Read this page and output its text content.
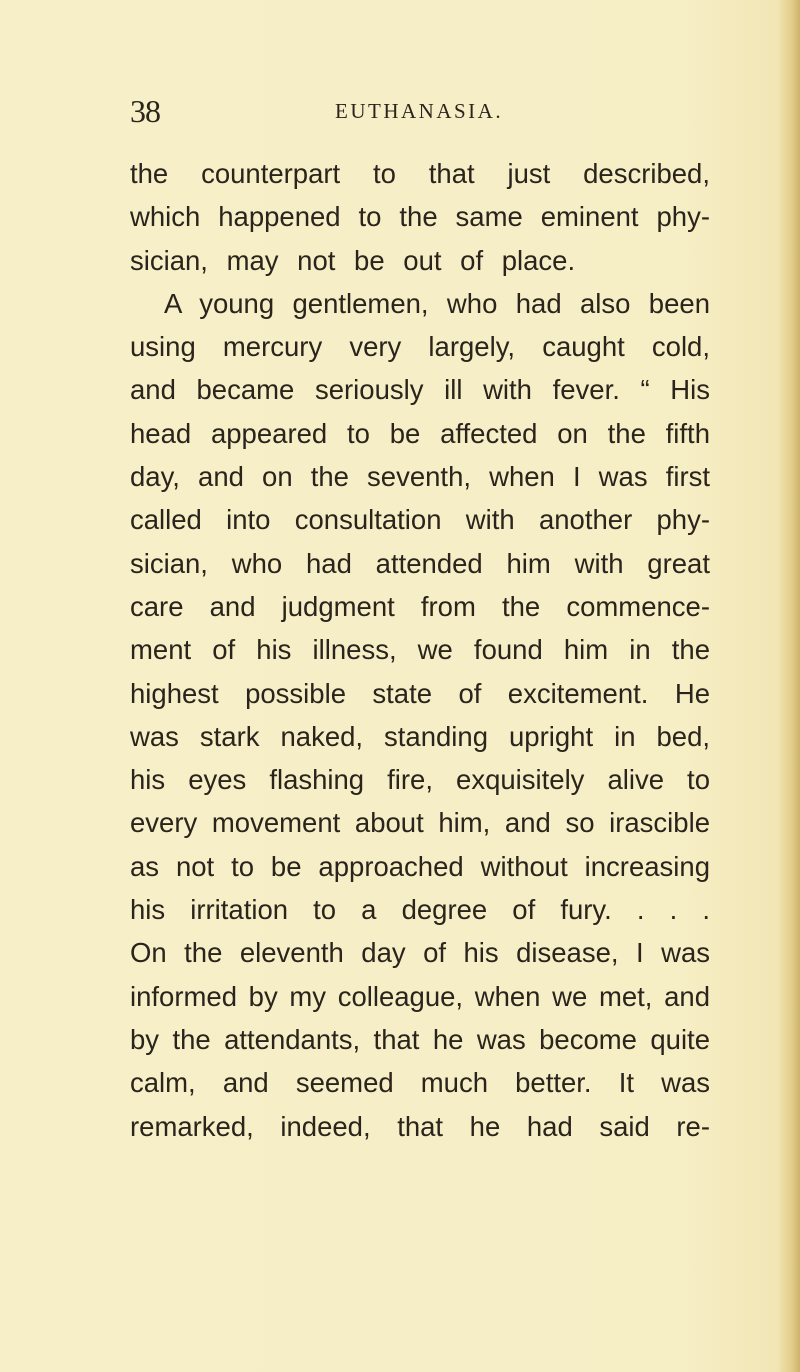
38	EUTHANASIA.
the counterpart to that just described,
which happened to the same eminent phy-
sician, may not be out of place.
A young gentlemen, who had also been
using mercury very largely, caught cold,
and became seriously ill with fever. “ His
head appeared to be affected on the fifth
day, and on the seventh, when I was first
called into consultation with another phy-
sician, who had attended him with great
care and judgment from the commence-
ment of his illness, we found him in the
highest possible state of excitement. He
was stark naked, standing upright in bed,
his eyes flashing fire, exquisitely alive to
every movement about him, and so irascible
as not to be approached without increasing
his irritation to a degree of fury. . . .
On the eleventh day of his disease, I was
informed by my colleague, when we met, and
by the attendants, that he was become quite
calm, and seemed much better. It was
remarked, indeed, that he had said re-
